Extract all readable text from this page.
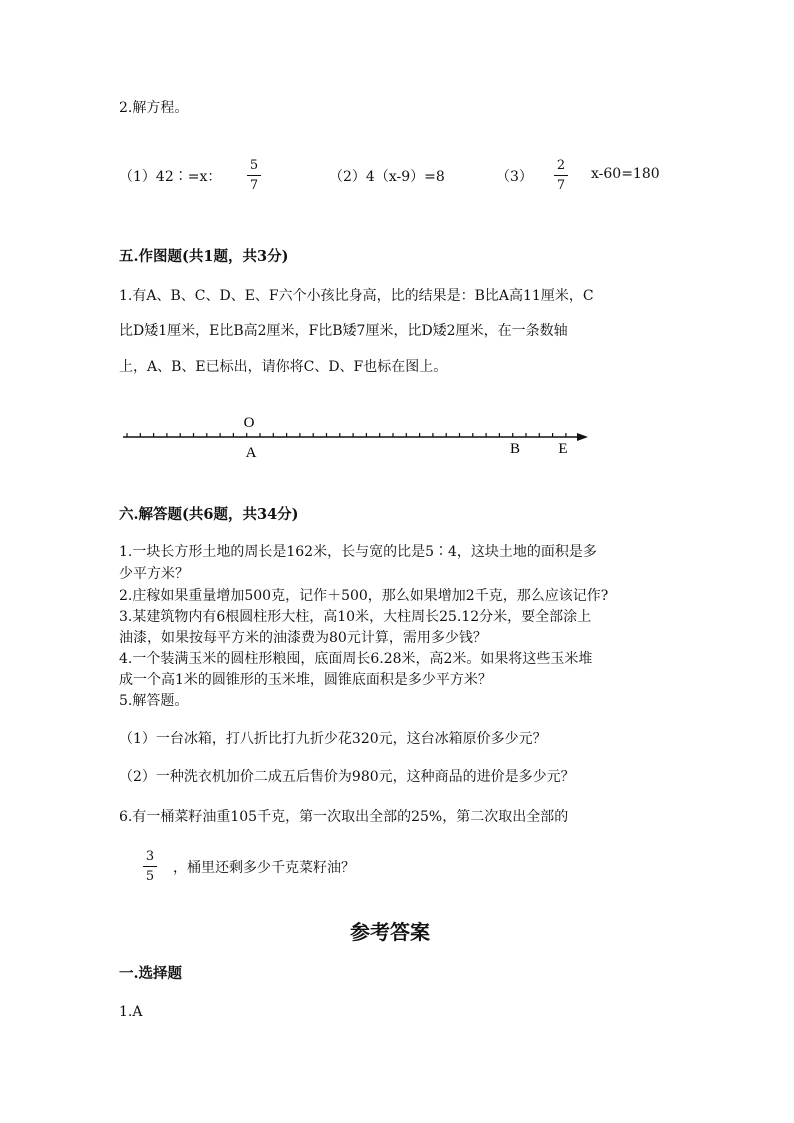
2.解方程。
（1）42∶=x：
5
7
（2）4（x-9）=8	（3）
2
7
x-60=180
五.作图题(共1题，共3分)
1.有A、B、C、D、E、F六个小孩比身高，比的结果是：B比A高11厘米，C
比D矮1厘米，E比B高2厘米，F比B矮7厘米，比D矮2厘米，在一条数轴
上，A、B、E已标出，请你将C、D、F也标在图上。
O
A	B	E
六.解答题(共6题，共34分)
1.一块长方形土地的周长是162米，长与宽的比是5∶4，这块土地的面积是多
少平方米？
2.庄稼如果重量增加500克，记作＋500，那么如果增加2千克，那么应该记作?
3.某建筑物内有6根圆柱形大柱，高10米，大柱周长25.12分米，要全部涂上
油漆，如果按每平方米的油漆费为80元计算，需用多少钱？
4.一个装满玉米的圆柱形粮囤，底面周长6.28米，高2米。如果将这些玉米堆
成一个高1米的圆锥形的玉米堆，圆锥底面积是多少平方米？
5.解答题。
（1）一台冰箱，打八折比打九折少花320元，这台冰箱原价多少元？
（2）一种洗衣机加价二成五后售价为980元，这种商品的进价是多少元？
6.有一桶菜籽油重105千克，第一次取出全部的25%，第二次取出全部的
3
5
，桶里还剩多少千克菜籽油？
参考答案
一.选择题
1.A
